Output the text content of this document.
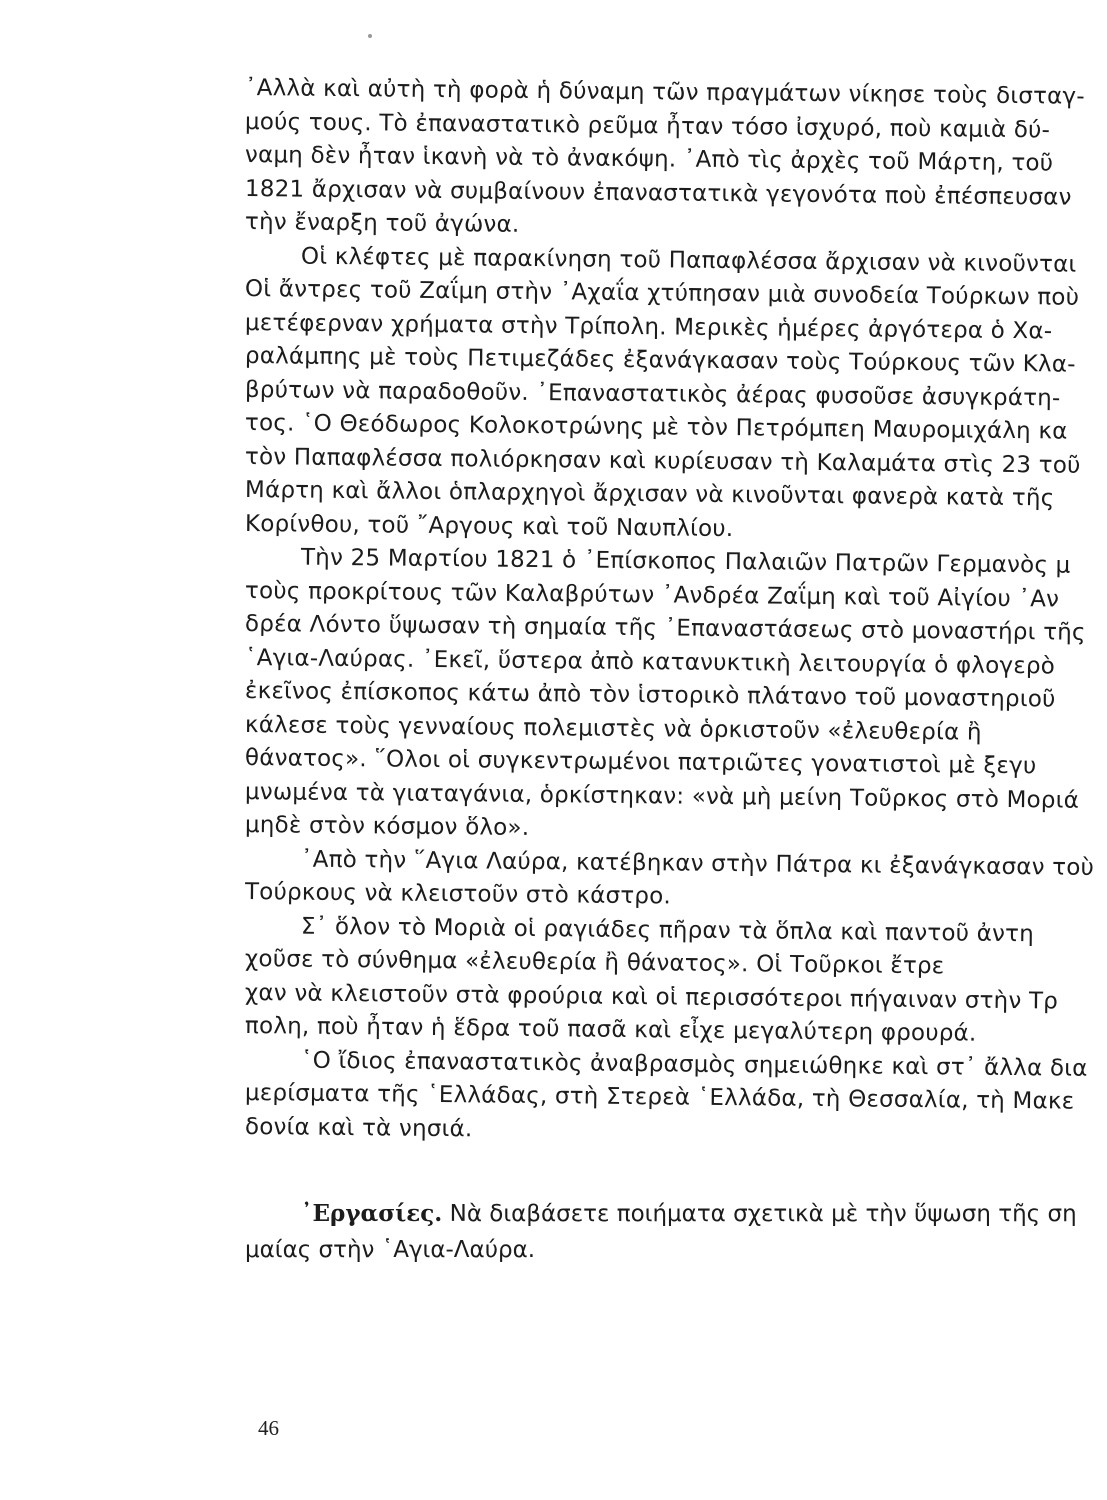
᾽Αλλὰ καὶ αὐτὴ τὴ φορὰ ἡ δύναμη τῶν πραγμάτων νίκησε τοὺς δισταγ-
μούς τους. Τὸ ἐπαναστατικὸ ρεῦμα ἦταν τόσο ἰσχυρό, ποὺ καμιὰ δύ-
ναμη δὲν ἦταν ἱκανὴ νὰ τὸ ἀνακόψη. ᾽Απὸ τὶς ἀρχὲς τοῦ Μάρτη, τοῦ
1821 ἄρχισαν νὰ συμβαίνουν ἐπαναστατικὰ γεγονότα ποὺ ἐπέσπευσαν
τὴν ἔναρξη τοῦ ἀγώνα.
Οἱ κλέφτες μὲ παρακίνηση τοῦ Παπαφλέσσα ἄρχισαν νὰ κινοῦνται
Οἱ ἄντρες τοῦ Ζαΐμη στὴν ᾽Αχαΐα χτύπησαν μιὰ συνοδεία Τούρκων ποὺ
μετέφερναν χρήματα στὴν Τρίπολη. Μερικὲς ἡμέρες ἀργότερα ὁ Χα-
ραλάμπης μὲ τοὺς Πετιμεζάδες ἐξανάγκασαν τοὺς Τούρκους τῶν Κλα-
βρύτων νὰ παραδοθοῦν. ᾽Επαναστατικὸς ἀέρας φυσοῦσε ἀσυγκράτη-
τος. ῾Ο Θεόδωρος Κολοκοτρώνης μὲ τὸν Πετρόμπεη Μαυρομιχάλη κα
τὸν Παπαφλέσσα πολιόρκησαν καὶ κυρίευσαν τὴ Καλαμάτα στὶς 23 τοῦ
Μάρτη καὶ ἄλλοι ὁπλαρχηγοὶ ἄρχισαν νὰ κινοῦνται φανερὰ κατὰ τῆς
Κορίνθου, τοῦ ῎Αργους καὶ τοῦ Ναυπλίου.
Τὴν 25 Μαρτίου 1821 ὁ ᾽Επίσκοπος Παλαιῶν Πατρῶν Γερμανὸς μ
τοὺς προκρίτους τῶν Καλαβρύτων ᾽Ανδρέα Ζαΐμη καὶ τοῦ Αἰγίου ᾽Αν
δρέα Λόντο ὕψωσαν τὴ σημαία τῆς ᾽Επαναστάσεως στὸ μοναστήρι τῆς
῾Αγια-Λαύρας. ᾽Εκεῖ, ὕστερα ἀπὸ κατανυκτικὴ λειτουργία ὁ φλογερὸ
ἐκεῖνος ἐπίσκοπος κάτω ἀπὸ τὸν ἱστορικὸ πλάτανο τοῦ μοναστηριοῦ
κάλεσε τοὺς γενναίους πολεμιστὲς νὰ ὁρκιστοῦν «ἐλευθερία ἢ
θάνατος». ῞Ολοι οἱ συγκεντρωμένοι πατριῶτες γονατιστοὶ μὲ ξεγυ
μνωμένα τὰ γιαταγάνια, ὁρκίστηκαν: «νὰ μὴ μείνη Τοῦρκος στὸ Μοριά
μηδὲ στὸν κόσμον ὅλο».
᾽Απὸ τὴν ῞Αγια Λαύρα, κατέβηκαν στὴν Πάτρα κι ἐξανάγκασαν τοὺ
Τούρκους νὰ κλειστοῦν στὸ κάστρο.
Σ᾽ ὅλον τὸ Μοριὰ οἱ ραγιάδες πῆραν τὰ ὅπλα καὶ παντοῦ ἀντη
χοῦσε τὸ σύνθημα «ἐλευθερία ἢ θάνατος». Οἱ Τοῦρκοι ἔτρε
χαν νὰ κλειστοῦν στὰ φρούρια καὶ οἱ περισσότεροι πήγαιναν στὴν Τρ
πολη, ποὺ ἦταν ἡ ἕδρα τοῦ πασᾶ καὶ εἶχε μεγαλύτερη φρουρά.
῾Ο ἴδιος ἐπαναστατικὸς ἀναβρασμὸς σημειώθηκε καὶ στ᾽ ἄλλα δια
μερίσματα τῆς ῾Ελλάδας, στὴ Στερεὰ ῾Ελλάδα, τὴ Θεσσαλία, τὴ Μακε
δονία καὶ τὰ νησιά.
᾽Εργασίες. Νὰ διαβάσετε ποιήματα σχετικὰ μὲ τὴν ὕψωση τῆς ση
μαίας στὴν ῾Αγια-Λαύρα.
46
